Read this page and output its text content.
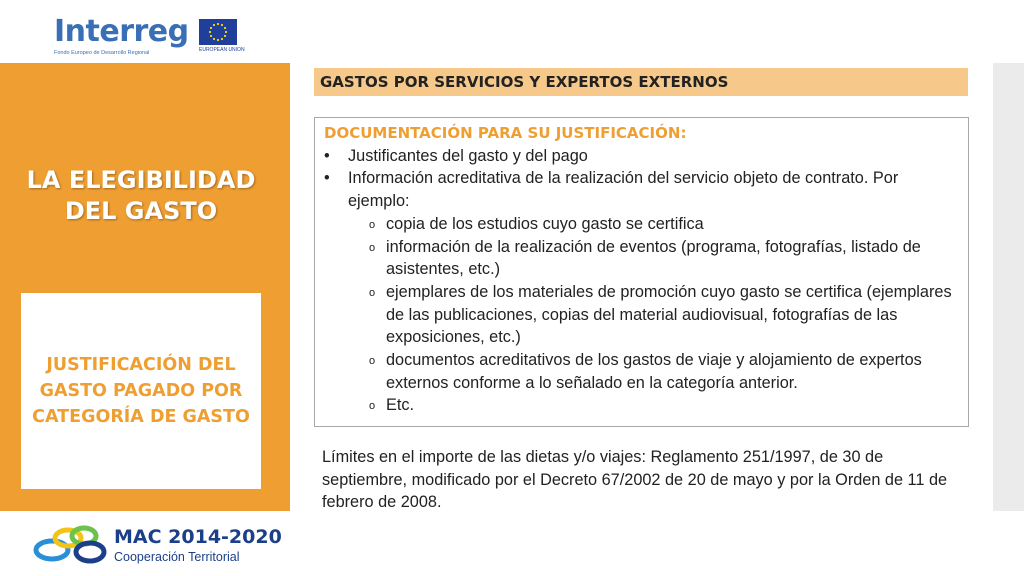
Interreg
Fondo Europeo de Desarrollo Regional	EUROPEAN UNION
LA ELEGIBILIDAD
DEL GASTO
JUSTIFICACIÓN DEL
GASTO PAGADO POR
CATEGORÍA DE GASTO
GASTOS POR SERVICIOS Y EXPERTOS EXTERNOS
DOCUMENTACIÓN PARA SU JUSTIFICACIÓN:
• Justificantes del gasto y del pago
• Información acreditativa de la realización del servicio objeto de contrato. Por ejemplo:
o copia de los estudios cuyo gasto se certifica
o información de la realización de eventos (programa, fotografías, listado de asistentes, etc.)
o ejemplares de los materiales de promoción cuyo gasto se certifica (ejemplares de las publicaciones, copias del material audiovisual, fotografías de las exposiciones, etc.)
o documentos acreditativos de los gastos de viaje y alojamiento de expertos externos conforme a lo señalado en la categoría anterior.
o Etc.
Límites en el importe de las dietas y/o viajes: Reglamento 251/1997, de 30 de septiembre, modificado por el Decreto 67/2002 de 20 de mayo y por la Orden de 11 de febrero de 2008.
MAC 2014-2020
Cooperación Territorial
